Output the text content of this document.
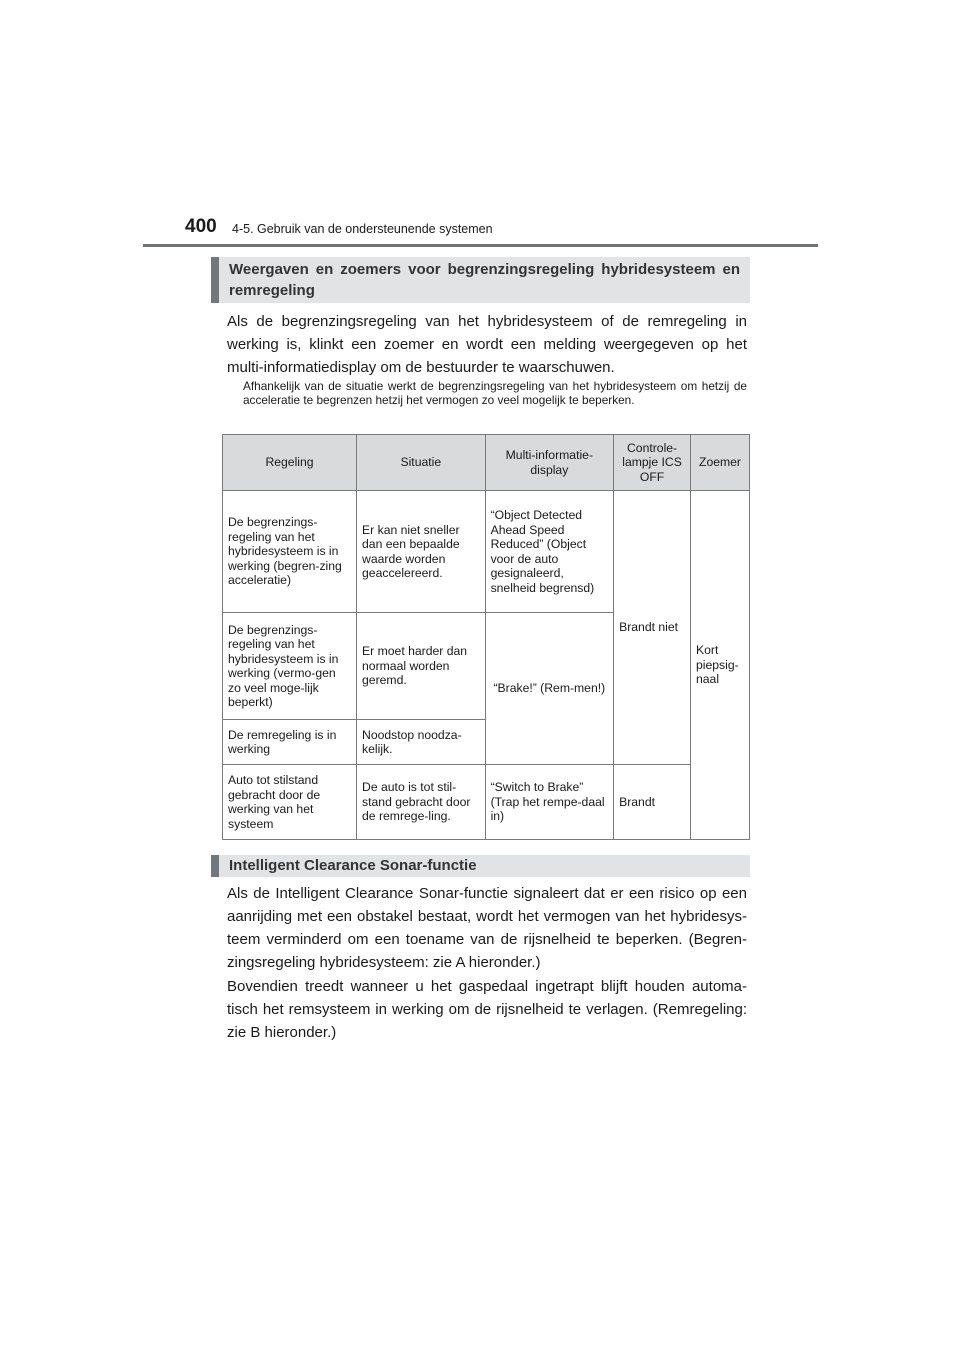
400 4-5. Gebruik van de ondersteunende systemen
Weergaven en zoemers voor begrenzingsregeling hybridesysteem en remregeling

Als de begrenzingsregeling van het hybridesysteem of de remregeling in werking is, klinkt een zoemer en wordt een melding weergegeven op het multi-informatiedisplay om de bestuurder te waarschuwen.

Afhankelijk van de situatie werkt de begrenzingsregeling van het hybridesysteem om hetzij de acceleratie te begrenzen hetzij het vermogen zo veel mogelijk te beperken.

Regeling	Situatie	Multi-informatie-display	Controle-lampje ICS OFF	Zoemer
De begrenzings-regeling van het hybridesysteem is in werking (begren-zing acceleratie)	Er kan niet sneller dan een bepaalde waarde worden geaccelereerd.	“Object Detected Ahead Speed Reduced” (Object voor de auto gesignaleerd, snelheid begrensd)	Brandt niet	Kort piepsig-naal
De begrenzings-regeling van het hybridesysteem is in werking (vermo-gen zo veel moge-lijk beperkt)	Er moet harder dan normaal worden geremd.	“Brake!” (Rem-men!)		
De remregeling is in werking	Noodstop noodza-kelijk.			
Auto tot stilstand gebracht door de werking van het systeem	De auto is tot stil-stand gebracht door de remrege-ling.	“Switch to Brake” (Trap het rempe-daal in)	Brandt	
Intelligent Clearance Sonar-functie

Als de Intelligent Clearance Sonar-functie signaleert dat er een risico op een aanrijding met een obstakel bestaat, wordt het vermogen van het hybridesys-teem verminderd om een toename van de rijsnelheid te beperken. (Begren-zingsregeling hybridesysteem: zie A hieronder.)

Bovendien treedt wanneer u het gaspedaal ingetrapt blijft houden automa-tisch het remsysteem in werking om de rijsnelheid te verlagen. (Remregeling: zie B hieronder.)
